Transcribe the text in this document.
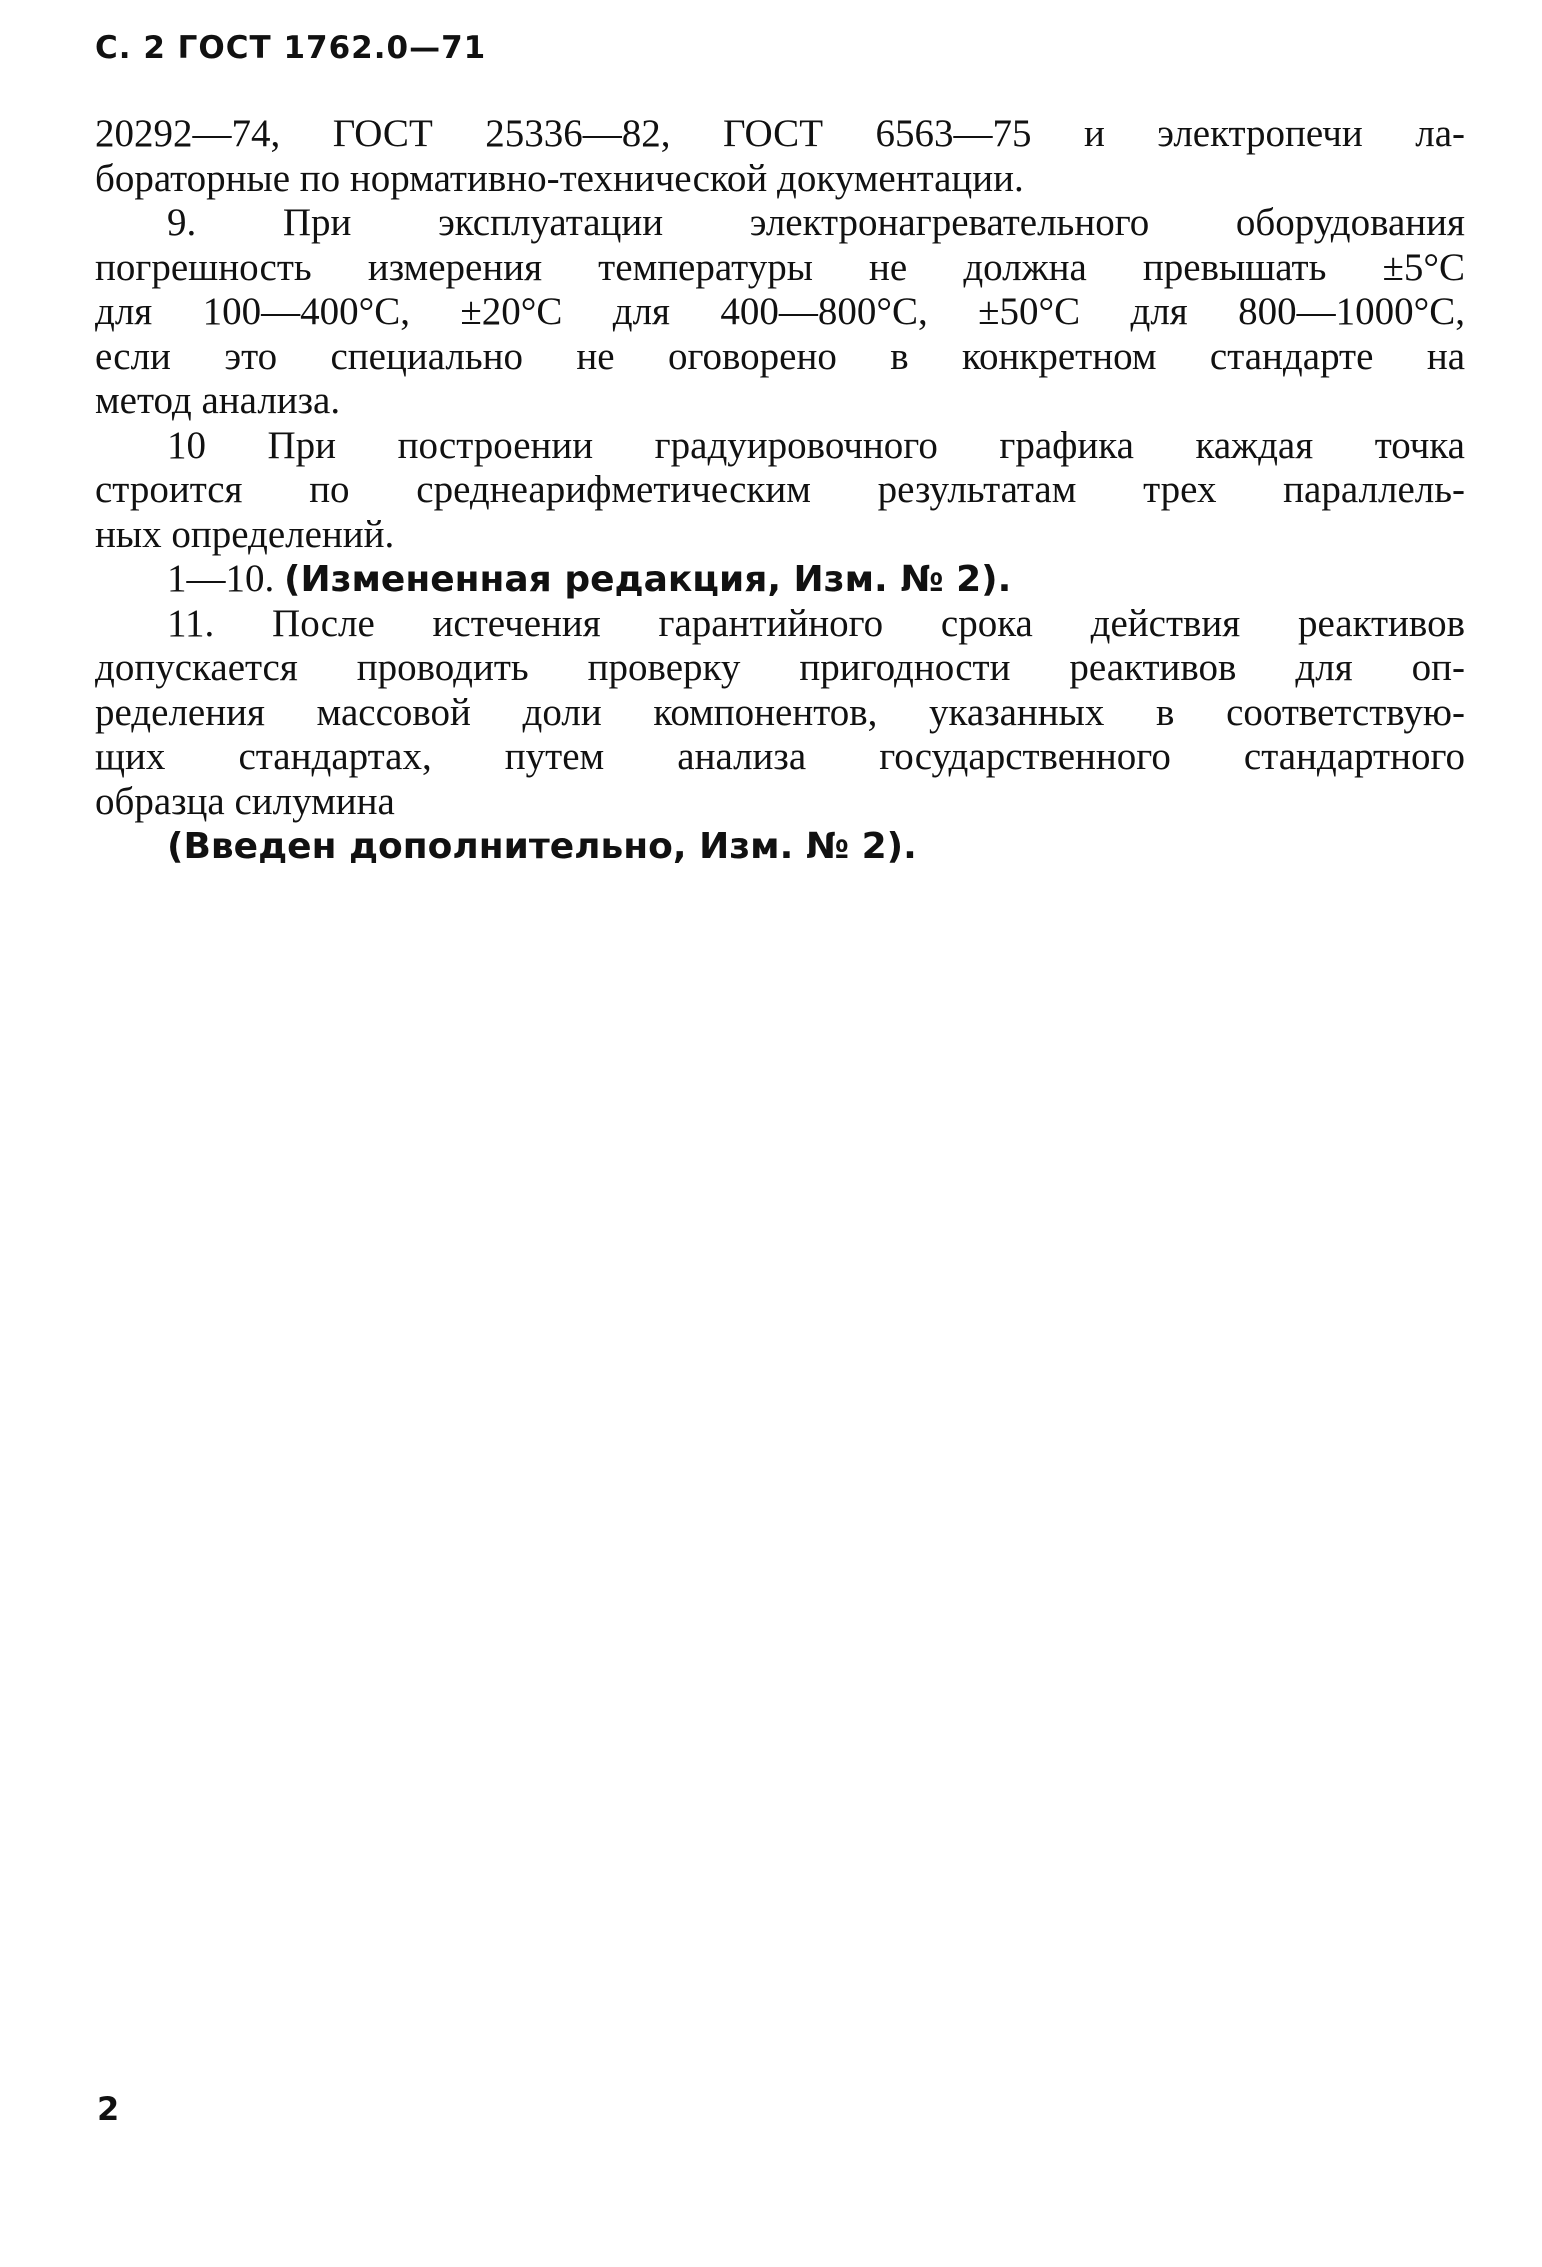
С. 2 ГОСТ 1762.0—71
20292—74, ГОСТ 25336—82, ГОСТ 6563—75 и электропечи ла-
бораторные по нормативно-технической документации.
9. При эксплуатации электронагревательного оборудования
погрешность измерения температуры не должна превышать ±5°С
для 100—400°С, ±20°С для 400—800°С, ±50°С для 800—1000°С,
если это специально не оговорено в конкретном стандарте на
метод анализа.
10 При построении градуировочного графика каждая точка
строится по среднеарифметическим результатам трех параллель-
ных определений.
1—10. (Измененная редакция, Изм. № 2).
11. После истечения гарантийного срока действия реактивов
допускается проводить проверку пригодности реактивов для оп-
ределения массовой доли компонентов, указанных в соответствую-
щих стандартах, путем анализа государственного стандартного
образца силумина
(Введен дополнительно, Изм. № 2).
2
